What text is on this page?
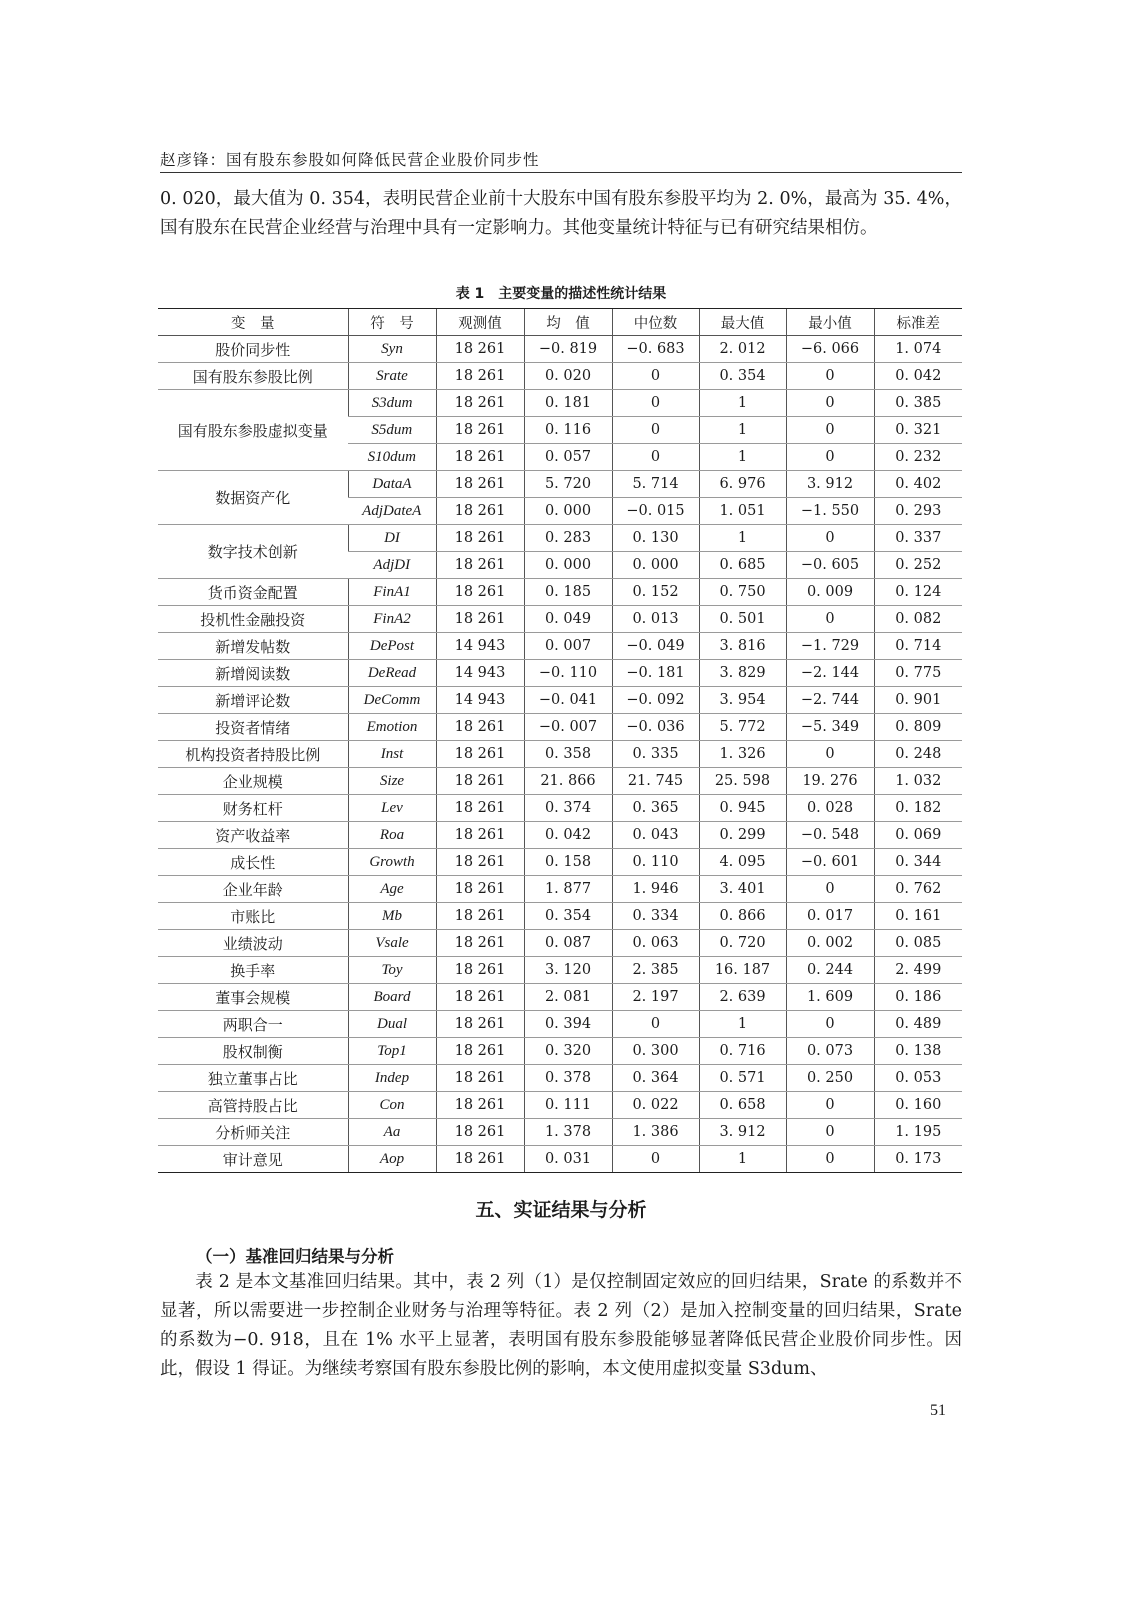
赵彦锋：国有股东参股如何降低民营企业股价同步性

0. 020，最大值为 0. 354，表明民营企业前十大股东中国有股东参股平均为 2. 0%，最高为 35. 4%，国有股东在民营企业经营与治理中具有一定影响力。其他变量统计特征与已有研究结果相仿。

表 1　主要变量的描述性统计结果
变　量	符　号	观测值	均　值	中位数	最大值	最小值	标准差
股价同步性	Syn	18 261	−0. 819	−0. 683	2. 012	−6. 066	1. 074
国有股东参股比例	Srate	18 261	0. 020	0	0. 354	0	0. 042
国有股东参股虚拟变量	S3dum	18 261	0. 181	0	1	0	0. 385
	S5dum	18 261	0. 116	0	1	0	0. 321
	S10dum	18 261	0. 057	0	1	0	0. 232
数据资产化	DataA	18 261	5. 720	5. 714	6. 976	3. 912	0. 402
	AdjDateA	18 261	0. 000	−0. 015	1. 051	−1. 550	0. 293
数字技术创新	DI	18 261	0. 283	0. 130	1	0	0. 337
	AdjDI	18 261	0. 000	0. 000	0. 685	−0. 605	0. 252
货币资金配置	FinA1	18 261	0. 185	0. 152	0. 750	0. 009	0. 124
投机性金融投资	FinA2	18 261	0. 049	0. 013	0. 501	0	0. 082
新增发帖数	DePost	14 943	0. 007	−0. 049	3. 816	−1. 729	0. 714
新增阅读数	DeRead	14 943	−0. 110	−0. 181	3. 829	−2. 144	0. 775
新增评论数	DeComm	14 943	−0. 041	−0. 092	3. 954	−2. 744	0. 901
投资者情绪	Emotion	18 261	−0. 007	−0. 036	5. 772	−5. 349	0. 809
机构投资者持股比例	Inst	18 261	0. 358	0. 335	1. 326	0	0. 248
企业规模	Size	18 261	21. 866	21. 745	25. 598	19. 276	1. 032
财务杠杆	Lev	18 261	0. 374	0. 365	0. 945	0. 028	0. 182
资产收益率	Roa	18 261	0. 042	0. 043	0. 299	−0. 548	0. 069
成长性	Growth	18 261	0. 158	0. 110	4. 095	−0. 601	0. 344
企业年龄	Age	18 261	1. 877	1. 946	3. 401	0	0. 762
市账比	Mb	18 261	0. 354	0. 334	0. 866	0. 017	0. 161
业绩波动	Vsale	18 261	0. 087	0. 063	0. 720	0. 002	0. 085
换手率	Toy	18 261	3. 120	2. 385	16. 187	0. 244	2. 499
董事会规模	Board	18 261	2. 081	2. 197	2. 639	1. 609	0. 186
两职合一	Dual	18 261	0. 394	0	1	0	0. 489
股权制衡	Top1	18 261	0. 320	0. 300	0. 716	0. 073	0. 138
独立董事占比	Indep	18 261	0. 378	0. 364	0. 571	0. 250	0. 053
高管持股占比	Con	18 261	0. 111	0. 022	0. 658	0	0. 160
分析师关注	Aa	18 261	1. 378	1. 386	3. 912	0	1. 195
审计意见	Aop	18 261	0. 031	0	1	0	0. 173
五、实证结果与分析
（一）基准回归结果与分析

表 2 是本文基准回归结果。其中，表 2 列（1）是仅控制固定效应的回归结果，Srate 的系数并不显著，所以需要进一步控制企业财务与治理等特征。表 2 列（2）是加入控制变量的回归结果，Srate 的系数为−0. 918，且在 1% 水平上显著，表明国有股东参股能够显著降低民营企业股价同步性。因此，假设 1 得证。为继续考察国有股东参股比例的影响，本文使用虚拟变量 S3dum、

51
